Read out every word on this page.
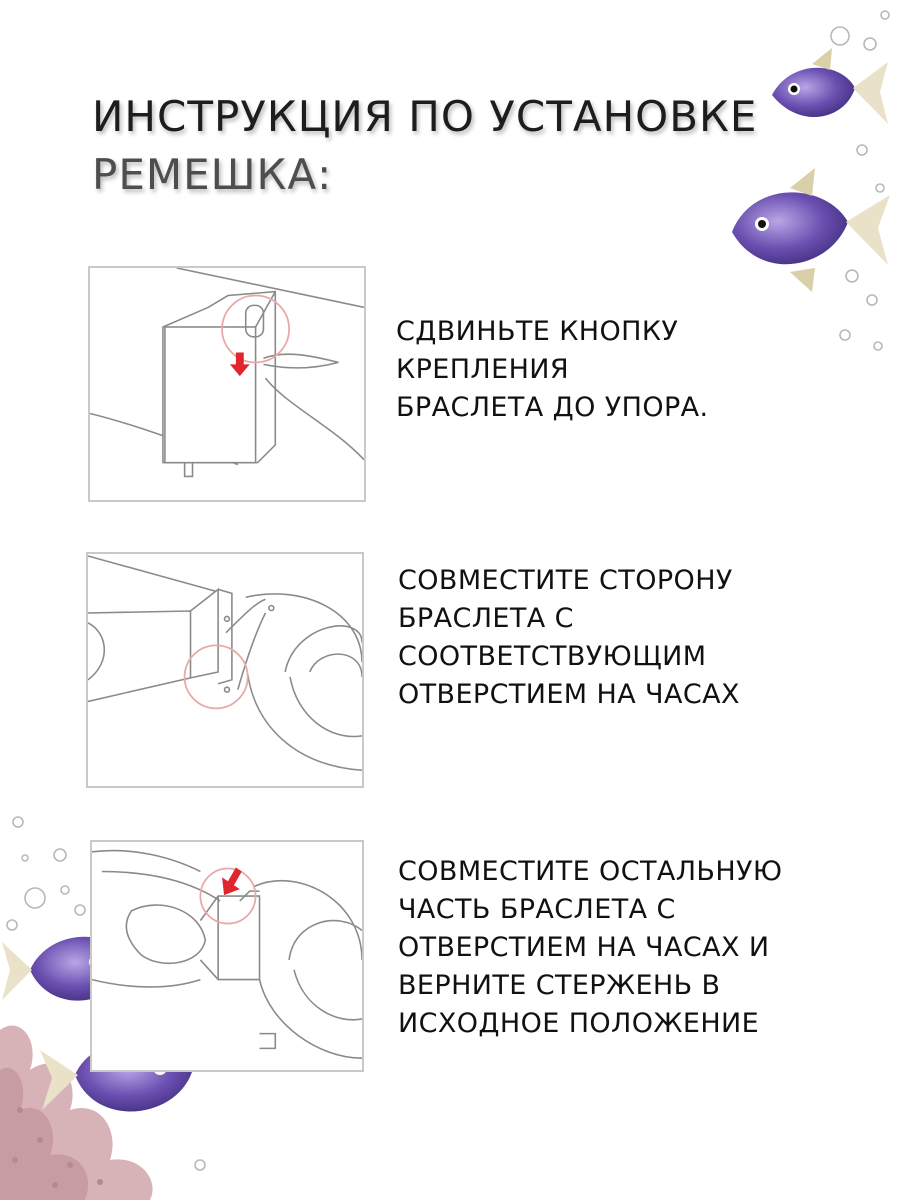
ИНСТРУКЦИЯ ПО УСТАНОВКЕ
РЕМЕШКА:

СДВИНЬТЕ КНОПКУ
КРЕПЛЕНИЯ
БРАСЛЕТА ДО УПОРА.

СОВМЕСТИТЕ СТОРОНУ
БРАСЛЕТА С
СООТВЕТСТВУЮЩИМ
ОТВЕРСТИЕМ НА ЧАСАХ

СОВМЕСТИТЕ ОСТАЛЬНУЮ
ЧАСТЬ БРАСЛЕТА С
ОТВЕРСТИЕМ НА ЧАСАХ И
ВЕРНИТЕ СТЕРЖЕНЬ В
ИСХОДНОЕ ПОЛОЖЕНИЕ
